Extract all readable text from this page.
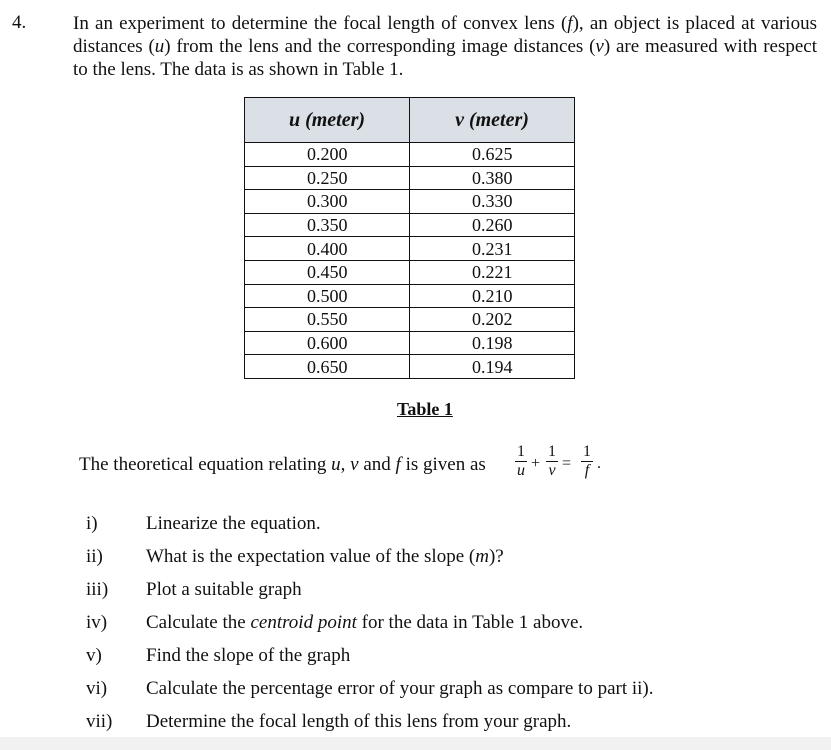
4. In an experiment to determine the focal length of convex lens (f), an object is placed at various distances (u) from the lens and the corresponding image distances (v) are measured with respect to the lens. The data is as shown in Table 1.
u (meter)	v (meter)

0.200	0.625

0.250	0.380

0.300	0.330

0.350	0.260

0.400	0.231

0.450	0.221

0.500	0.210

0.550	0.202

0.600	0.198

0.650	0.194
Table 1
The theoretical equation relating u, v and f is given as
1
u +
1
v =
1
f .
i)	Linearize the equation.
ii) What is the expectation value of the slope (m)?
iii) Plot a suitable graph
iv) Calculate the centroid point for the data in Table 1 above.
v) Find the slope of the graph
vi) Calculate the percentage error of your graph as compare to part ii).
vii) Determine the focal length of this lens from your graph.
